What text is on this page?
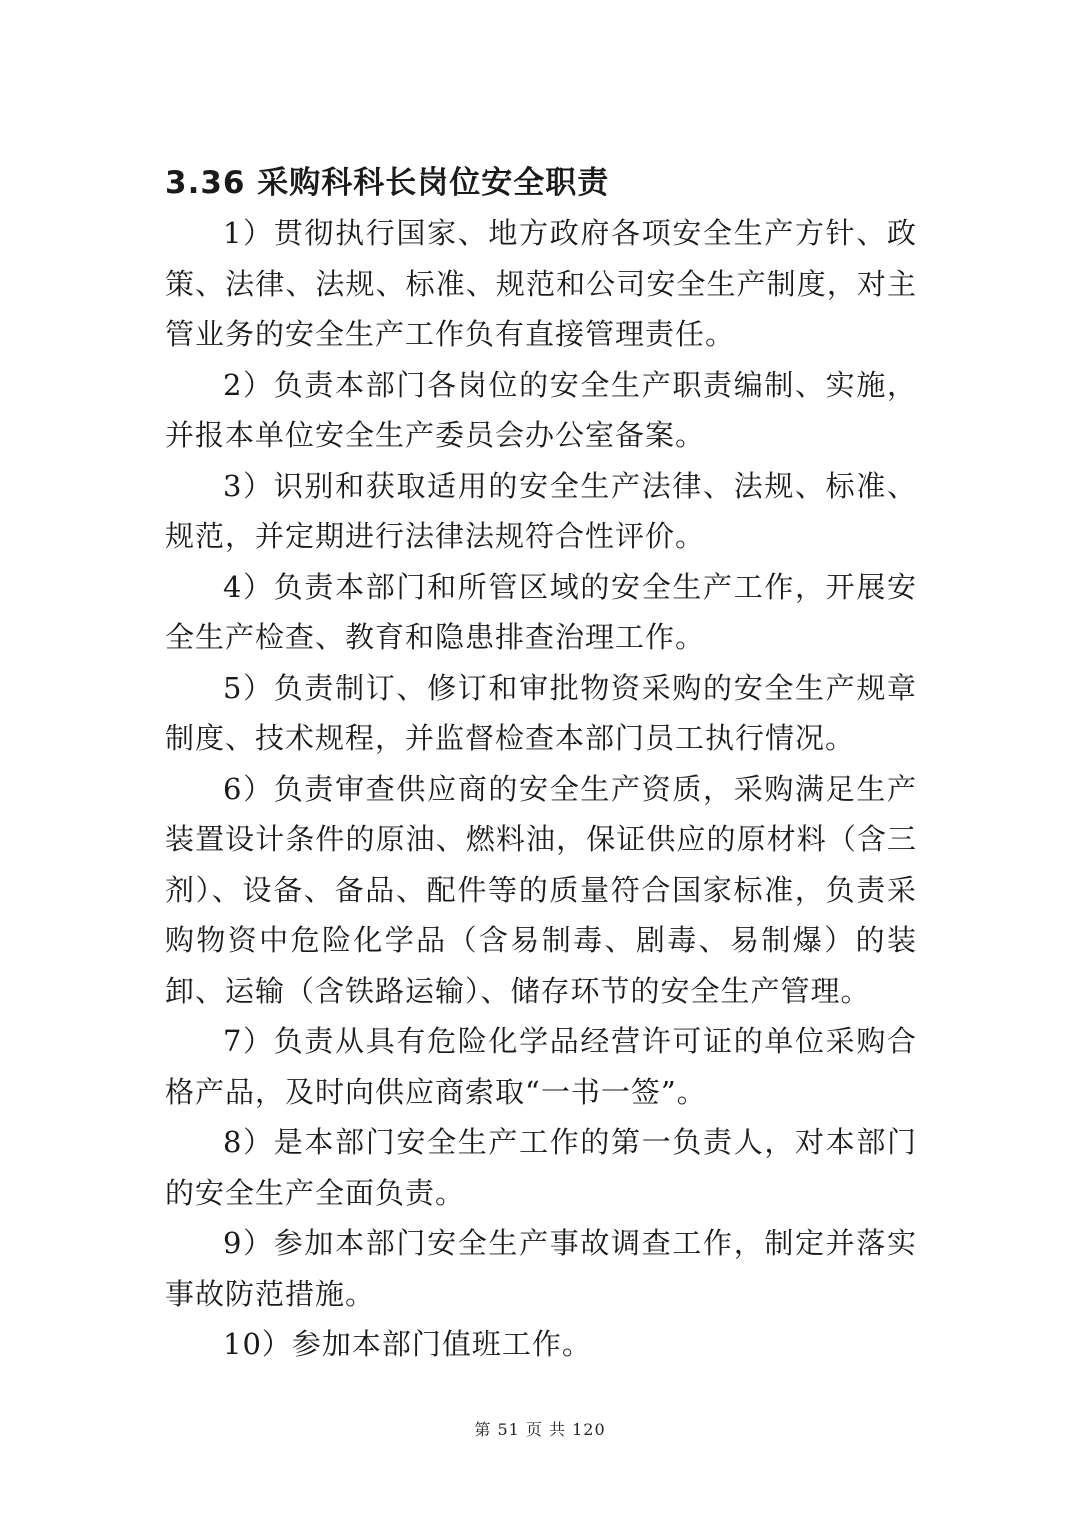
3.36 采购科科长岗位安全职责

1）贯彻执行国家、地方政府各项安全生产方针、政策、法律、法规、标准、规范和公司安全生产制度，对主管业务的安全生产工作负有直接管理责任。

2）负责本部门各岗位的安全生产职责编制、实施，并报本单位安全生产委员会办公室备案。

3）识别和获取适用的安全生产法律、法规、标准、规范，并定期进行法律法规符合性评价。

4）负责本部门和所管区域的安全生产工作，开展安全生产检查、教育和隐患排查治理工作。

5）负责制订、修订和审批物资采购的安全生产规章制度、技术规程，并监督检查本部门员工执行情况。

6）负责审查供应商的安全生产资质，采购满足生产装置设计条件的原油、燃料油，保证供应的原材料（含三剂）、设备、备品、配件等的质量符合国家标准，负责采购物资中危险化学品（含易制毒、剧毒、易制爆）的装卸、运输（含铁路运输）、储存环节的安全生产管理。

7）负责从具有危险化学品经营许可证的单位采购合格产品，及时向供应商索取“一书一签”。

8）是本部门安全生产工作的第一负责人，对本部门的安全生产全面负责。

9）参加本部门安全生产事故调查工作，制定并落实事故防范措施。

10）参加本部门值班工作。

第 51 页 共 120
